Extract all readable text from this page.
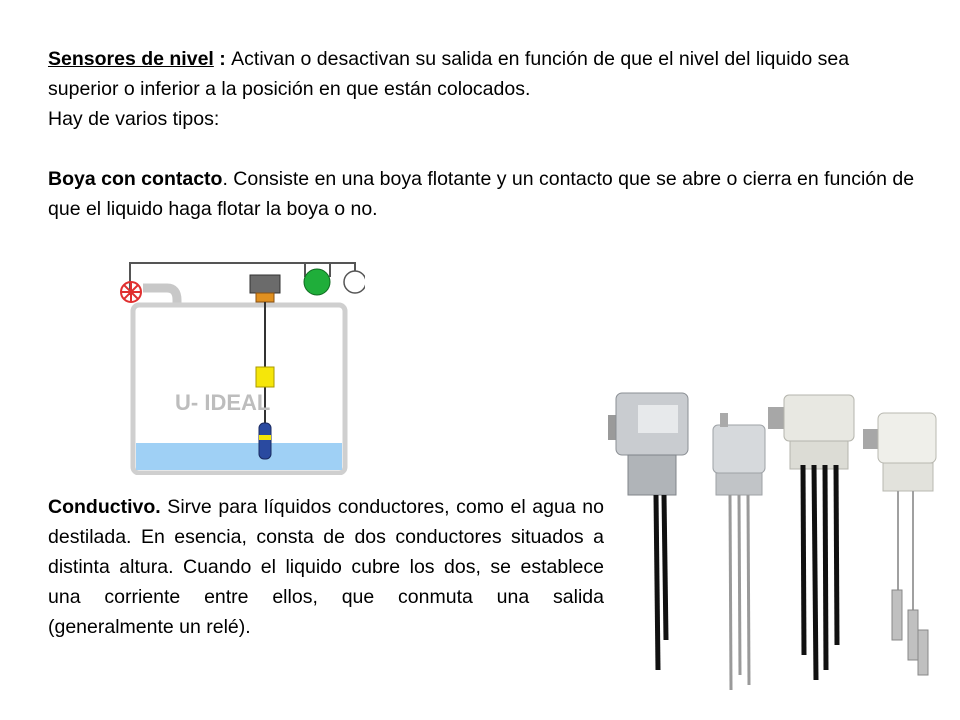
Sensores de nivel : Activan o desactivan su salida en función de que el nivel del liquido sea superior o inferior a la posición en que están colocados.

Hay de varios tipos:

Boya con contacto. Consiste en una boya flotante y un contacto que se abre o cierra en función de que el liquido haga flotar la boya o no.

U- IDEAL

Conductivo. Sirve para líquidos conductores, como el agua no destilada. En esencia, consta de dos conductores situados a distinta altura. Cuando el liquido cubre los dos, se establece una corriente entre ellos, que conmuta una salida (generalmente un relé).
